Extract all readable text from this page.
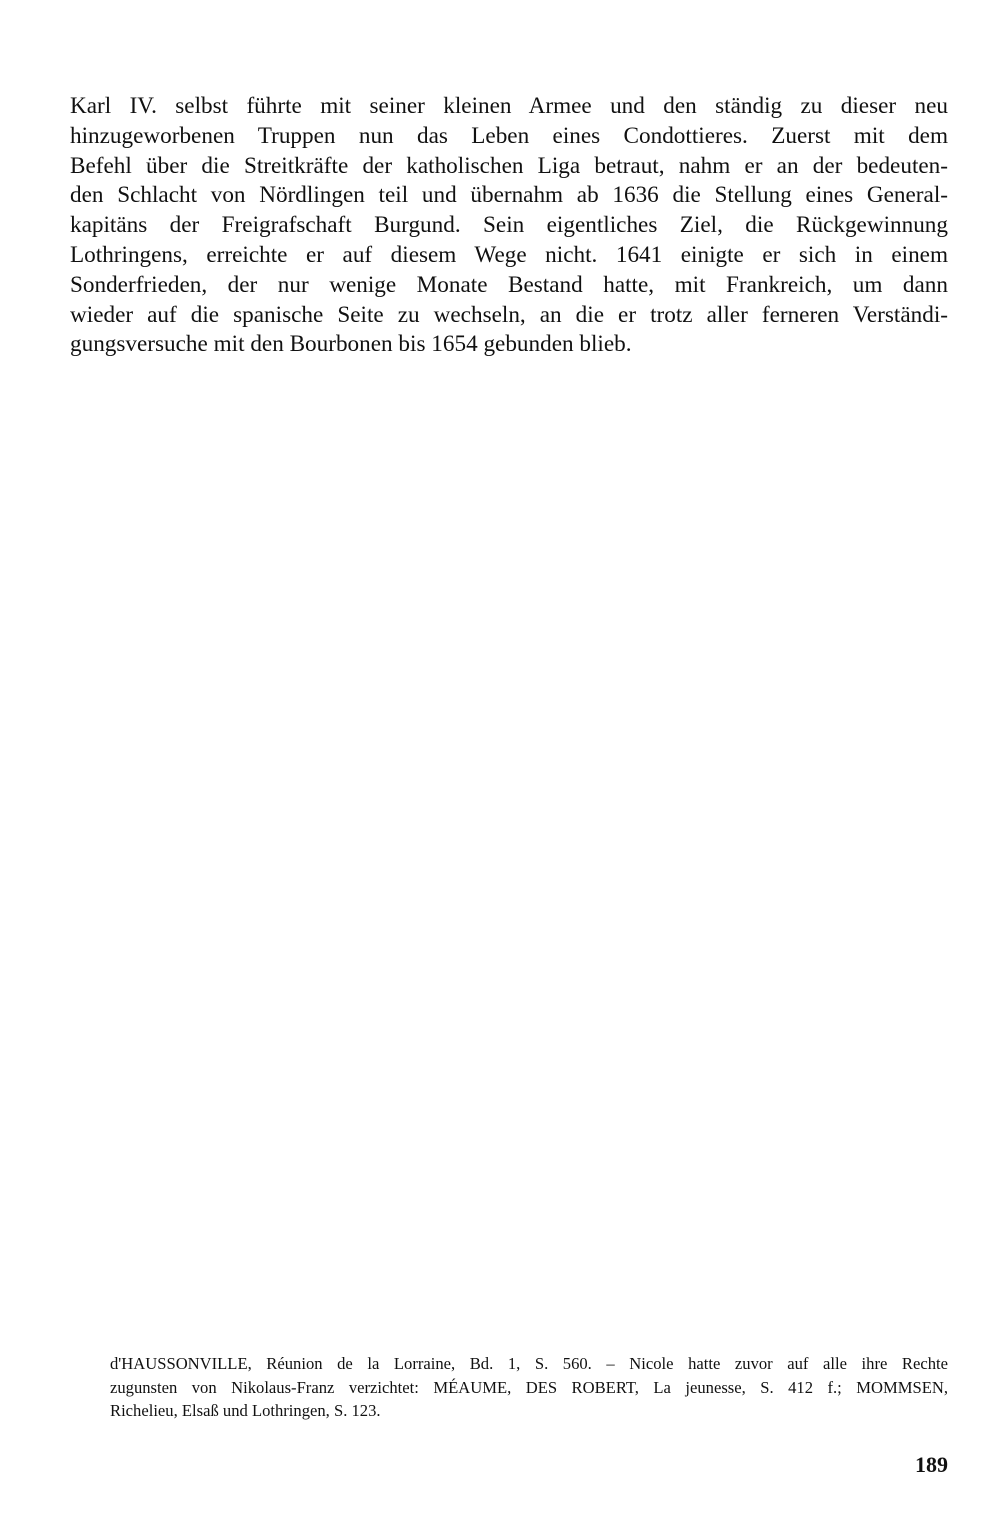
Karl IV. selbst führte mit seiner kleinen Armee und den ständig zu dieser neu
hinzugeworbenen Truppen nun das Leben eines Condottieres. Zuerst mit dem
Befehl über die Streitkräfte der katholischen Liga betraut, nahm er an der bedeuten-
den Schlacht von Nördlingen teil und übernahm ab 1636 die Stellung eines General-
kapitäns der Freigrafschaft Burgund. Sein eigentliches Ziel, die Rückgewinnung
Lothringens, erreichte er auf diesem Wege nicht. 1641 einigte er sich in einem
Sonderfrieden, der nur wenige Monate Bestand hatte, mit Frankreich, um dann
wieder auf die spanische Seite zu wechseln, an die er trotz aller ferneren Verständi-
gungsversuche mit den Bourbonen bis 1654 gebunden blieb.
d'HAUSSONVILLE, Réunion de la Lorraine, Bd. 1, S. 560. – Nicole hatte zuvor auf alle ihre Rechte
zugunsten von Nikolaus-Franz verzichtet: MÉAUME, DES ROBERT, La jeunesse, S. 412 f.; MOMMSEN,
Richelieu, Elsaß und Lothringen, S. 123.
189
